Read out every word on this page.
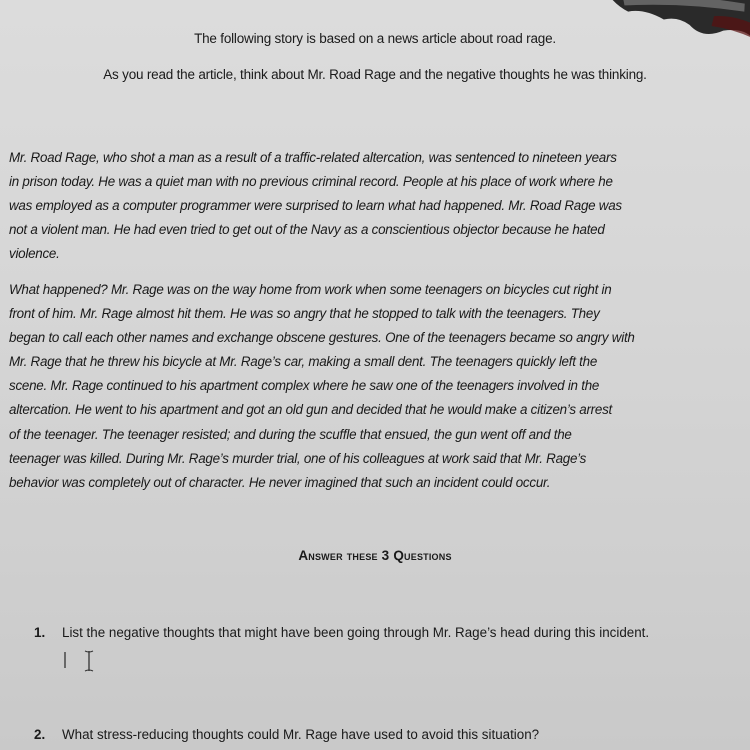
The following story is based on a news article about road rage.
As you read the article, think about Mr. Road Rage and the negative thoughts he was thinking.
Mr. Road Rage, who shot a man as a result of a traffic-related altercation, was sentenced to nineteen years
in prison today. He was a quiet man with no previous criminal record. People at his place of work where he
was employed as a computer programmer were surprised to learn what had happened. Mr. Road Rage was
not a violent man. He had even tried to get out of the Navy as a conscientious objector because he hated
violence.
What happened? Mr. Rage was on the way home from work when some teenagers on bicycles cut right in
front of him. Mr. Rage almost hit them. He was so angry that he stopped to talk with the teenagers. They
began to call each other names and exchange obscene gestures. One of the teenagers became so angry with
Mr. Rage that he threw his bicycle at Mr. Rage’s car, making a small dent. The teenagers quickly left the
scene. Mr. Rage continued to his apartment complex where he saw one of the teenagers involved in the
altercation. He went to his apartment and got an old gun and decided that he would make a citizen’s arrest
of the teenager. The teenager resisted; and during the scuffle that ensued, the gun went off and the
teenager was killed. During Mr. Rage’s murder trial, one of his colleagues at work said that Mr. Rage’s
behavior was completely out of character. He never imagined that such an incident could occur.
Answer these 3 Questions
1. List the negative thoughts that might have been going through Mr. Rage’s head during this incident.
2. What stress-reducing thoughts could Mr. Rage have used to avoid this situation?
